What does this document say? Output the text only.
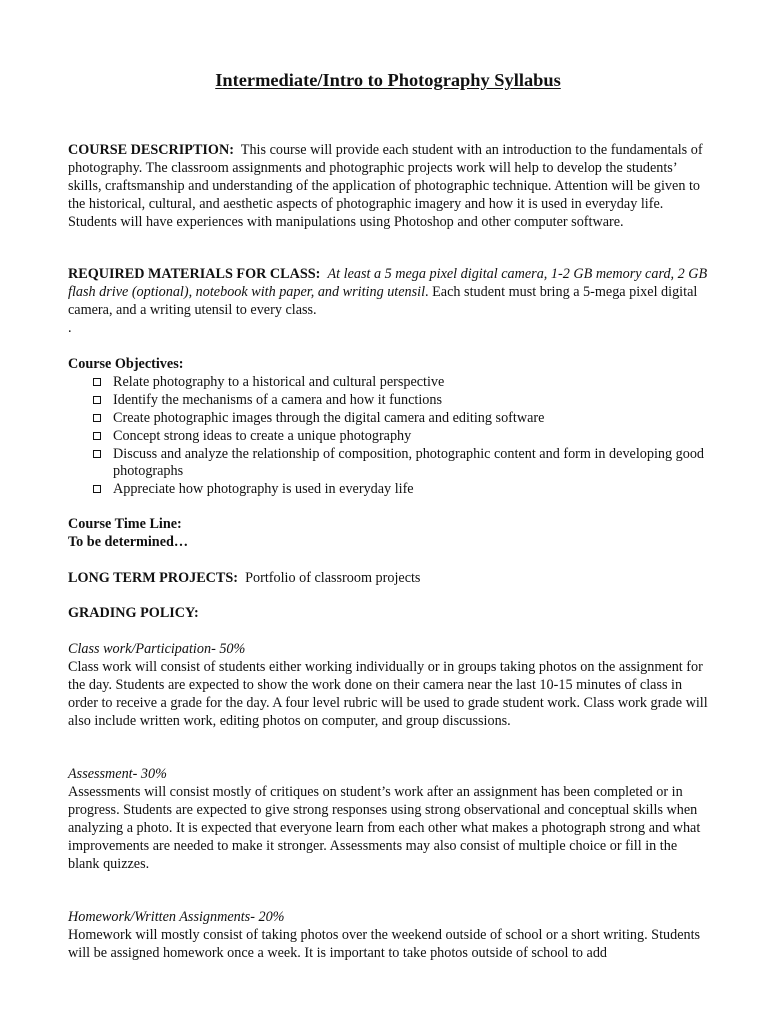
Intermediate/Intro to Photography Syllabus

COURSE DESCRIPTION: This course will provide each student with an introduction to the fundamentals of photography. The classroom assignments and photographic projects work will help to develop the students’ skills, craftsmanship and understanding of the application of photographic technique. Attention will be given to the historical, cultural, and aesthetic aspects of photographic imagery and how it is used in everyday life. Students will have experiences with manipulations using Photoshop and other computer software.

REQUIRED MATERIALS FOR CLASS: At least a 5 mega pixel digital camera, 1-2 GB memory card, 2 GB flash drive (optional), notebook with paper, and writing utensil. Each student must bring a 5-mega pixel digital camera, and a writing utensil to every class.

.

Course Objectives:

Relate photography to a historical and cultural perspective
Identify the mechanisms of a camera and how it functions
Create photographic images through the digital camera and editing software
Concept strong ideas to create a unique photography
Discuss and analyze the relationship of composition, photographic content and form in developing good photographs
Appreciate how photography is used in everyday life

Course Time Line:

To be determined…

LONG TERM PROJECTS: Portfolio of classroom projects

GRADING POLICY:

Class work/Participation- 50%

Class work will consist of students either working individually or in groups taking photos on the assignment for the day. Students are expected to show the work done on their camera near the last 10-15 minutes of class in order to receive a grade for the day. A four level rubric will be used to grade student work. Class work grade will also include written work, editing photos on computer, and group discussions.

Assessment- 30%

Assessments will consist mostly of critiques on student’s work after an assignment has been completed or in progress. Students are expected to give strong responses using strong observational and conceptual skills when analyzing a photo. It is expected that everyone learn from each other what makes a photograph strong and what improvements are needed to make it stronger. Assessments may also consist of multiple choice or fill in the blank quizzes.

Homework/Written Assignments- 20%

Homework will mostly consist of taking photos over the weekend outside of school or a short writing. Students will be assigned homework once a week. It is important to take photos outside of school to add
